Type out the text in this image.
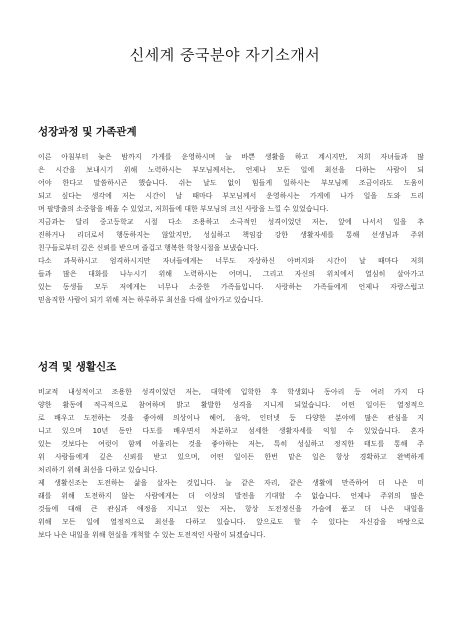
신세계 중국분야 자기소개서
성장과정 및 가족관계
이른 아침부터 늦은 밤까지 가게를 운영하시며 늘 바쁜 생활을 하고 계시지만, 저희 자녀들과 많
은 시간을 보내시기 위해 노력하시는 부모님께서는, 언제나 모든 일에 최선을 다하는 사람이 되
어야 한다고 말씀하시곤 했습니다. 쉬는 날도 없이 힘들게 일하시는 부모님께 조금이라도 도움이
되고 싶다는 생각에 저는 시간이 날 때마다 부모님께서 운영하시는 가게에 나가 일을 도와 드리
며 팔방출의 소중함을 배울 수 있었고, 저희들에 대한 부모님의 크신 사랑을 느낄 수 있었습니다.
지금과는 달리 중고등학교 시절 다소 조용하고 소극적인 성격이었던 저는, 앞에 나서서 일을 추
진하거나 리더로서 행동하지는 않았지만, 성실하고 책임감 강한 생활자세를 통해 선생님과 주위
친구들로부터 깊은 신뢰를 받으며 즐겁고 행복한 학창시절을 보냈습니다.
다소 과묵하시고 엄격하시지만 자녀들에게는 너무도 자상하신 아버지와 시간이 날 때마다 저희
들과 많은 대화를 나누시기 위해 노력하시는 어머니, 그리고 자신의 위치에서 열심히 살아가고
있는 동생들 모두 저에게는 너무나 소중한 가족들입니다. 사랑하는 가족들에게 언제나 자랑스럽고
믿음직한 사람이 되기 위해 저는 하루하루 최선을 다해 살아가고 있습니다.
성격 및 생활신조
비교적 내성적이고 조용한 성격이었던 저는, 대학에 입학한 후 학생회나 동아리 등 여러 가지 다
양한 활동에 적극적으로 참여하며 밝고 활발한 성격을 지니게 되었습니다. 어떤 일이든 열정적으
로 배우고 도전하는 것을 좋아해 의상이나 헤어, 음악, 인터넷 등 다양한 분야에 많은 관심을 지
니고 있으며 10년 동안 다도를 배우면서 차분하고 섬세한 생활자세를 익힐 수 있었습니다. 혼자
있는 것보다는 여럿이 함께 어울리는 것을 좋아하는 저는, 특히 성실하고 정직한 태도를 통해 주
위 사람들에게 깊은 신뢰를 받고 있으며, 어떤 일이든 한번 맡은 일은 항상 경확하고 완벽하게
처리하기 위해 최선을 다하고 있습니다.
제 생활신조는 도전하는 삶을 살자는 것입니다. 늘 같은 자리, 같은 생활에 만족하여 더 나은 미
래를 위해 도전하지 않는 사람에게는 더 이상의 발전을 기대할 수 없습니다. 언제나 주위의 많은
것들에 대해 큰 관심과 애정을 지니고 있는 저는, 항상 도전정신을 가슴에 품고 더 나은 내일을
위해 모든 일에 열정적으로 최선을 다하고 있습니다. 앞으로도 할 수 있다는 자신감을 바탕으로
보다 나은 내일을 위해 현실을 개척할 수 있는 도전적인 사람이 되겠습니다.
